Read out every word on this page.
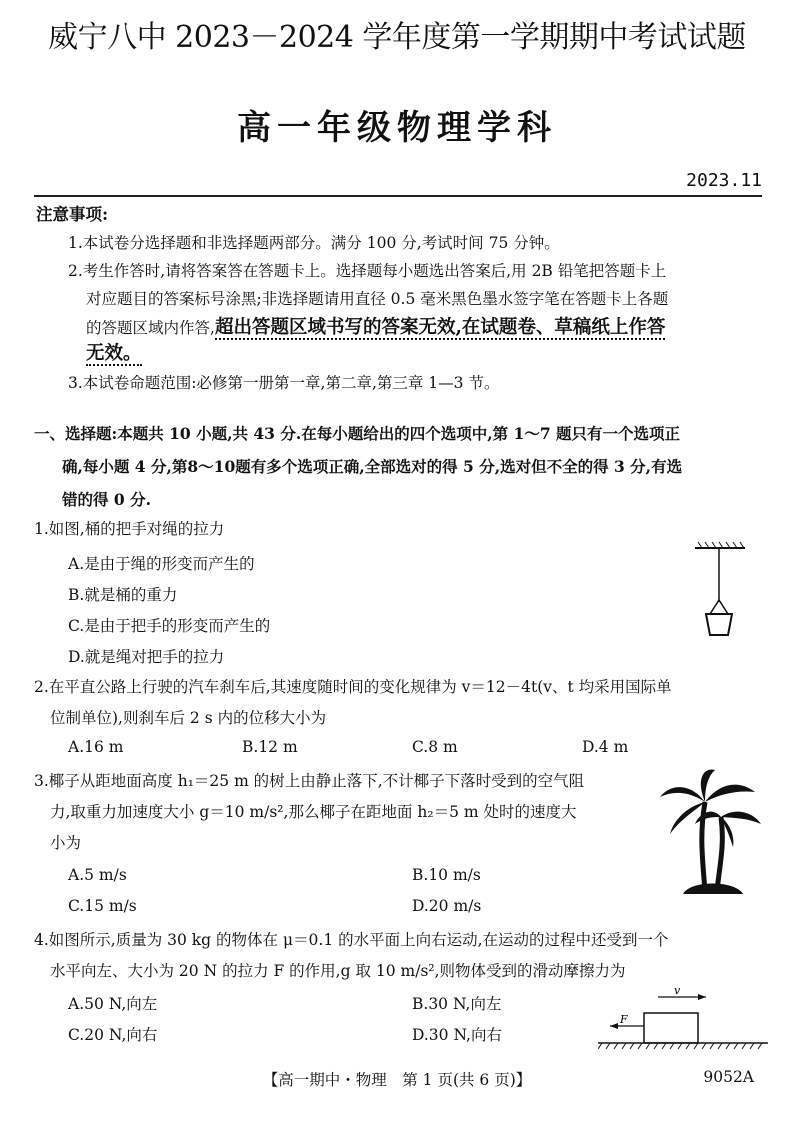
威宁八中 2023－2024 学年度第一学期期中考试试题
高一年级物理学科
2023.11
注意事项:
1.本试卷分选择题和非选择题两部分。满分 100 分,考试时间 75 分钟。
2.考生作答时,请将答案答在答题卡上。选择题每小题选出答案后,用 2B 铅笔把答题卡上
对应题目的答案标号涂黑;非选择题请用直径 0.5 毫米黑色墨水签字笔在答题卡上各题
的答题区域内作答,超出答题区域书写的答案无效,在试题卷、草稿纸上作答
无效。
3.本试卷命题范围:必修第一册第一章,第二章,第三章 1—3 节。
一、选择题:本题共 10 小题,共 43 分.在每小题给出的四个选项中,第 1～7 题只有一个选项正
确,每小题 4 分,第8～10题有多个选项正确,全部选对的得 5 分,选对但不全的得 3 分,有选
错的得 0 分.
1.如图,桶的把手对绳的拉力
A.是由于绳的形变而产生的
B.就是桶的重力
C.是由于把手的形变而产生的
D.就是绳对把手的拉力
2.在平直公路上行驶的汽车刹车后,其速度随时间的变化规律为 v＝12－4t(v、t 均采用国际单
位制单位),则刹车后 2 s 内的位移大小为
A.16 m	B.12 m	C.8 m	D.4 m
3.椰子从距地面高度 h₁＝25 m 的树上由静止落下,不计椰子下落时受到的空气阻
力,取重力加速度大小 g＝10 m/s²,那么椰子在距地面 h₂＝5 m 处时的速度大
小为
A.5 m/s	B.10 m/s
C.15 m/s	D.20 m/s
4.如图所示,质量为 30 kg 的物体在 μ＝0.1 的水平面上向右运动,在运动的过程中还受到一个
水平向左、大小为 20 N 的拉力 F 的作用,g 取 10 m/s²,则物体受到的滑动摩擦力为
A.50 N,向左	B.30 N,向左
C.20 N,向右	D.30 N,向右
v
F
【高一期中・物理　第 1 页(共 6 页)】	9052A
